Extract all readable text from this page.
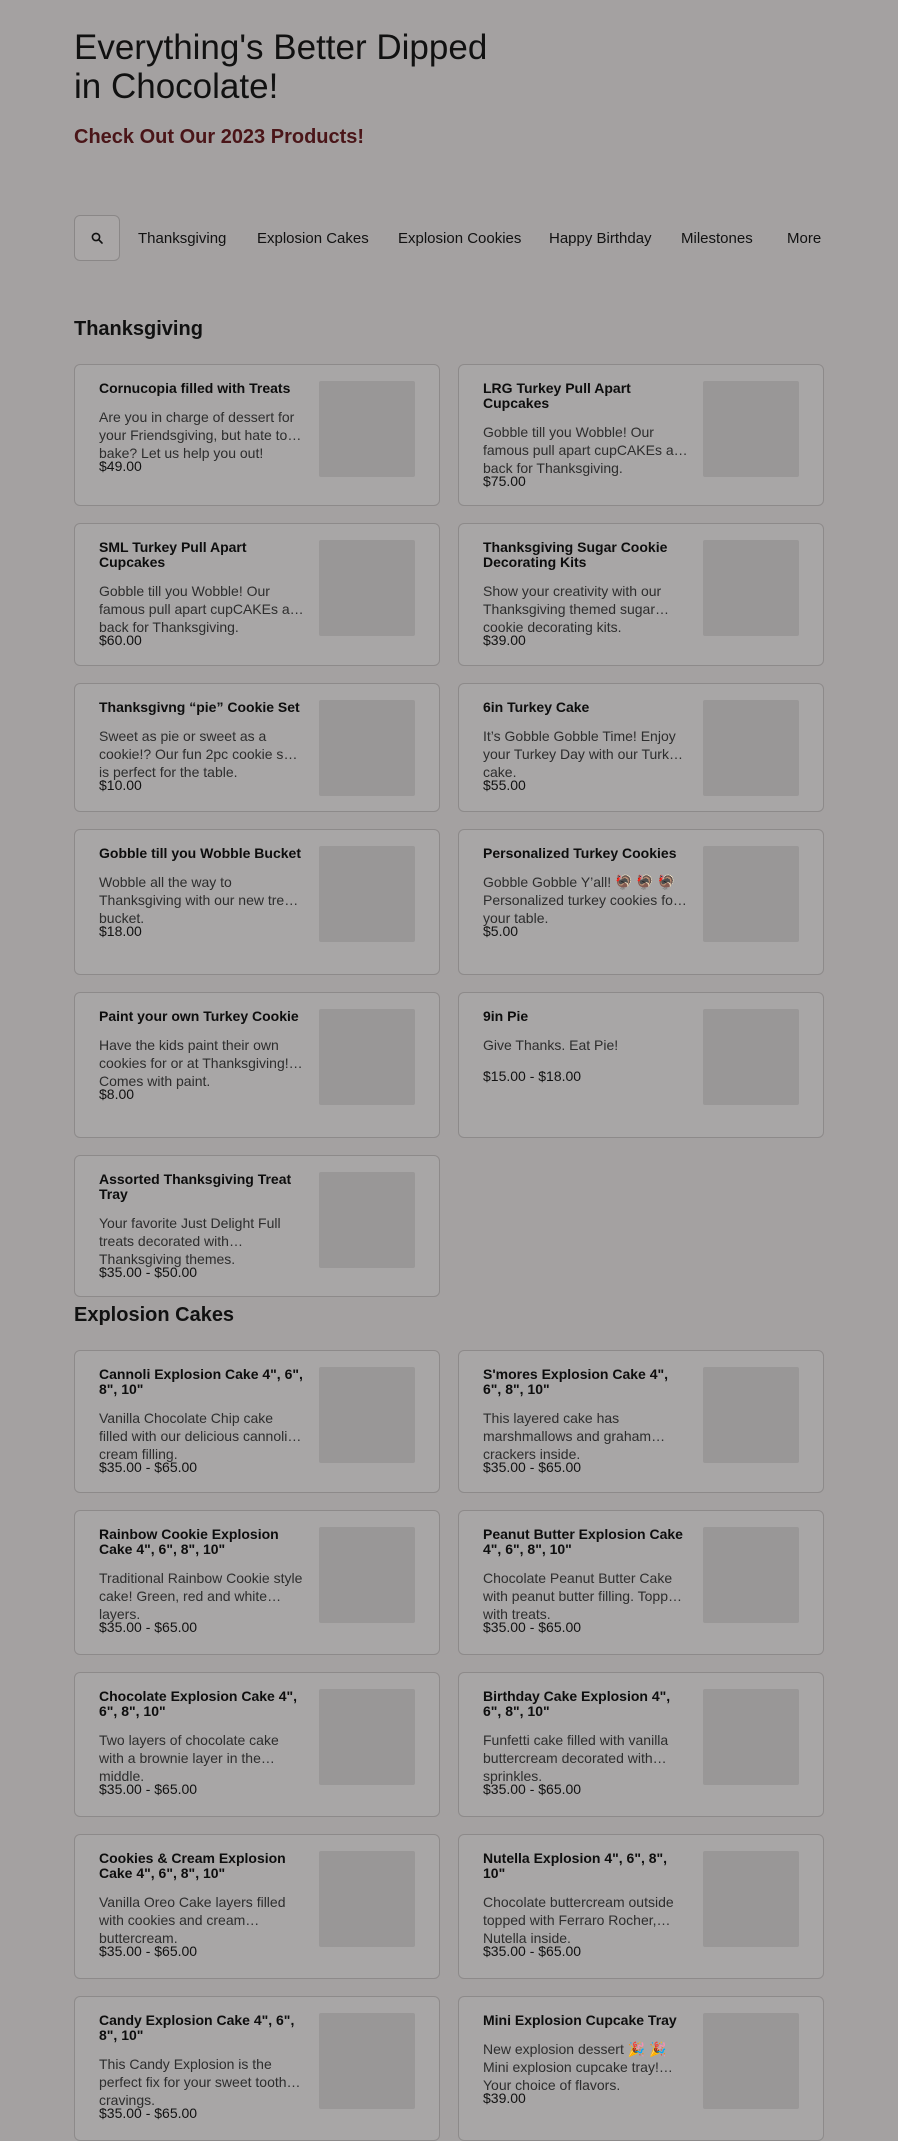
Everything's Better Dipped in Chocolate!
Check Out Our 2023 Products!
Thanksgiving Explosion Cakes Explosion Cookies Happy Birthday Milestones More
Thanksgiving
Cornucopia filled with Treats
Are you in charge of dessert for your Friendsgiving, but hate to bake? Let us help you out!
$49.00
LRG Turkey Pull Apart Cupcakes
Gobble till you Wobble! Our famous pull apart cupCAKEs are back for Thanksgiving.
$75.00
SML Turkey Pull Apart Cupcakes
Gobble till you Wobble! Our famous pull apart cupCAKEs are back for Thanksgiving.
$60.00
Thanksgiving Sugar Cookie Decorating Kits
Show your creativity with our Thanksgiving themed sugar cookie decorating kits.
$39.00
Thanksgivng “pie” Cookie Set
Sweet as pie or sweet as a cookie!? Our fun 2pc cookie set is perfect for the table.
$10.00
6in Turkey Cake
It’s Gobble Gobble Time! Enjoy your Turkey Day with our Turkey cake.
$55.00
Gobble till you Wobble Bucket
Wobble all the way to Thanksgiving with our new treat bucket.
$18.00
Personalized Turkey Cookies
Gobble Gobble Y’all! 🦃 🦃 🦃 Personalized turkey cookies for your table.
$5.00
Paint your own Turkey Cookie
Have the kids paint their own cookies for or at Thanksgiving! Comes with paint.
$8.00
9in Pie
Give Thanks. Eat Pie!
$15.00 - $18.00
Assorted Thanksgiving Treat Tray
Your favorite Just Delight Full treats decorated with Thanksgiving themes.
$35.00 - $50.00
Explosion Cakes
Cannoli Explosion Cake 4", 6", 8", 10"
Vanilla Chocolate Chip cake filled with our delicious cannoli cream filling.
$35.00 - $65.00
S'mores Explosion Cake 4", 6", 8", 10"
This layered cake has marshmallows and graham crackers inside.
$35.00 - $65.00
Rainbow Cookie Explosion Cake 4", 6", 8", 10"
Traditional Rainbow Cookie style cake! Green, red and white layers.
$35.00 - $65.00
Peanut Butter Explosion Cake 4", 6", 8", 10"
Chocolate Peanut Butter Cake with peanut butter filling. Topped with treats.
$35.00 - $65.00
Chocolate Explosion Cake 4", 6", 8", 10"
Two layers of chocolate cake with a brownie layer in the middle.
$35.00 - $65.00
Birthday Cake Explosion 4", 6", 8", 10"
Funfetti cake filled with vanilla buttercream decorated with sprinkles.
$35.00 - $65.00
Cookies & Cream Explosion Cake 4", 6", 8", 10"
Vanilla Oreo Cake layers filled with cookies and cream buttercream.
$35.00 - $65.00
Nutella Explosion 4", 6", 8", 10"
Chocolate buttercream outside topped with Ferraro Rocher, Nutella inside.
$35.00 - $65.00
Candy Explosion Cake 4", 6", 8", 10"
This Candy Explosion is the perfect fix for your sweet tooth cravings.
$35.00 - $65.00
Mini Explosion Cupcake Tray
New explosion dessert 🎉 🎉 Mini explosion cupcake tray! Your choice of flavors.
$39.00
